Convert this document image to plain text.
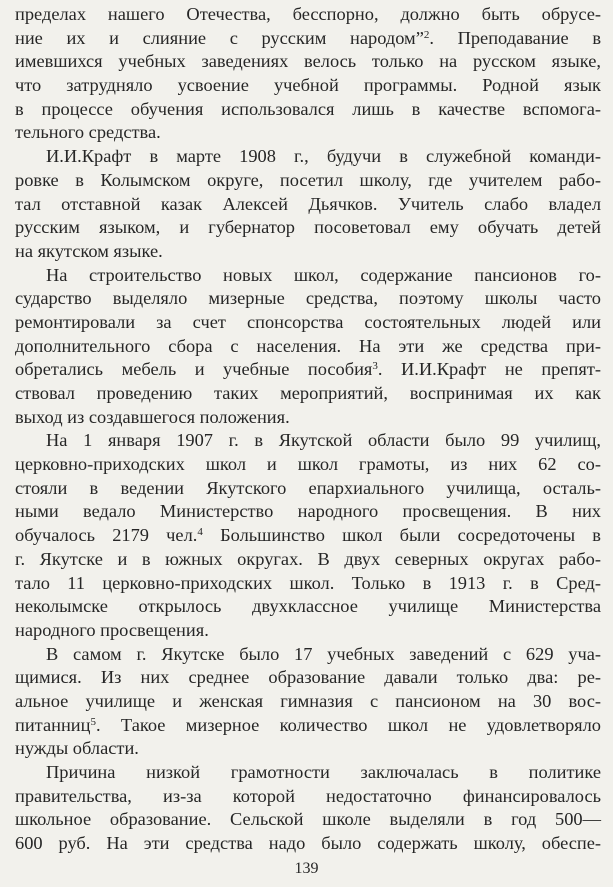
пределах нашего Отечества, бесспорно, должно быть обрусе-
ние их и слияние с русским народом”$^2$. Преподавание в
имевшихся учебных заведениях велось только на русском языке,
что затрудняло усвоение учебной программы. Родной язык
в процессе обучения использовался лишь в качестве вспомога-
тельного средства.
И.И.Крафт в марте 1908 г., будучи в служебной команди-
ровке в Колымском округе, посетил школу, где учителем рабо-
тал отставной казак Алексей Дьячков. Учитель слабо владел
русским языком, и губернатор посоветовал ему обучать детей
на якутском языке.
На строительство новых школ, содержание пансионов го-
сударство выделяло мизерные средства, поэтому школы часто
ремонтировали за счет спонсорства состоятельных людей или
дополнительного сбора с населения. На эти же средства при-
обретались мебель и учебные пособия$^3$. И.И.Крафт не препят-
ствовал проведению таких мероприятий, воспринимая их как
выход из создавшегося положения.
На 1 января 1907 г. в Якутской области было 99 училищ,
церковно-приходских школ и школ грамоты, из них 62 со-
стояли в ведении Якутского епархиального училища, осталь-
ными ведало Министерство народного просвещения. В них
обучалось 2179 чел.$^4$ Большинство школ были сосредоточены в
г. Якутске и в южных округах. В двух северных округах рабо-
тало 11 церковно-приходских школ. Только в 1913 г. в Сред-
неколымске открылось двухклассное училище Министерства
народного просвещения.
В самом г. Якутске было 17 учебных заведений с 629 уча-
щимися. Из них среднее образование давали только два: ре-
альное училище и женская гимназия с пансионом на 30 вос-
питанниц$^5$. Такое мизерное количество школ не удовлетворяло
нужды области.
Причина низкой грамотности заключалась в политике
правительства, из-за которой недостаточно финансировалось
школьное образование. Сельской школе выделяли в год 500—
600 руб. На эти средства надо было содержать школу, обеспе-
139
